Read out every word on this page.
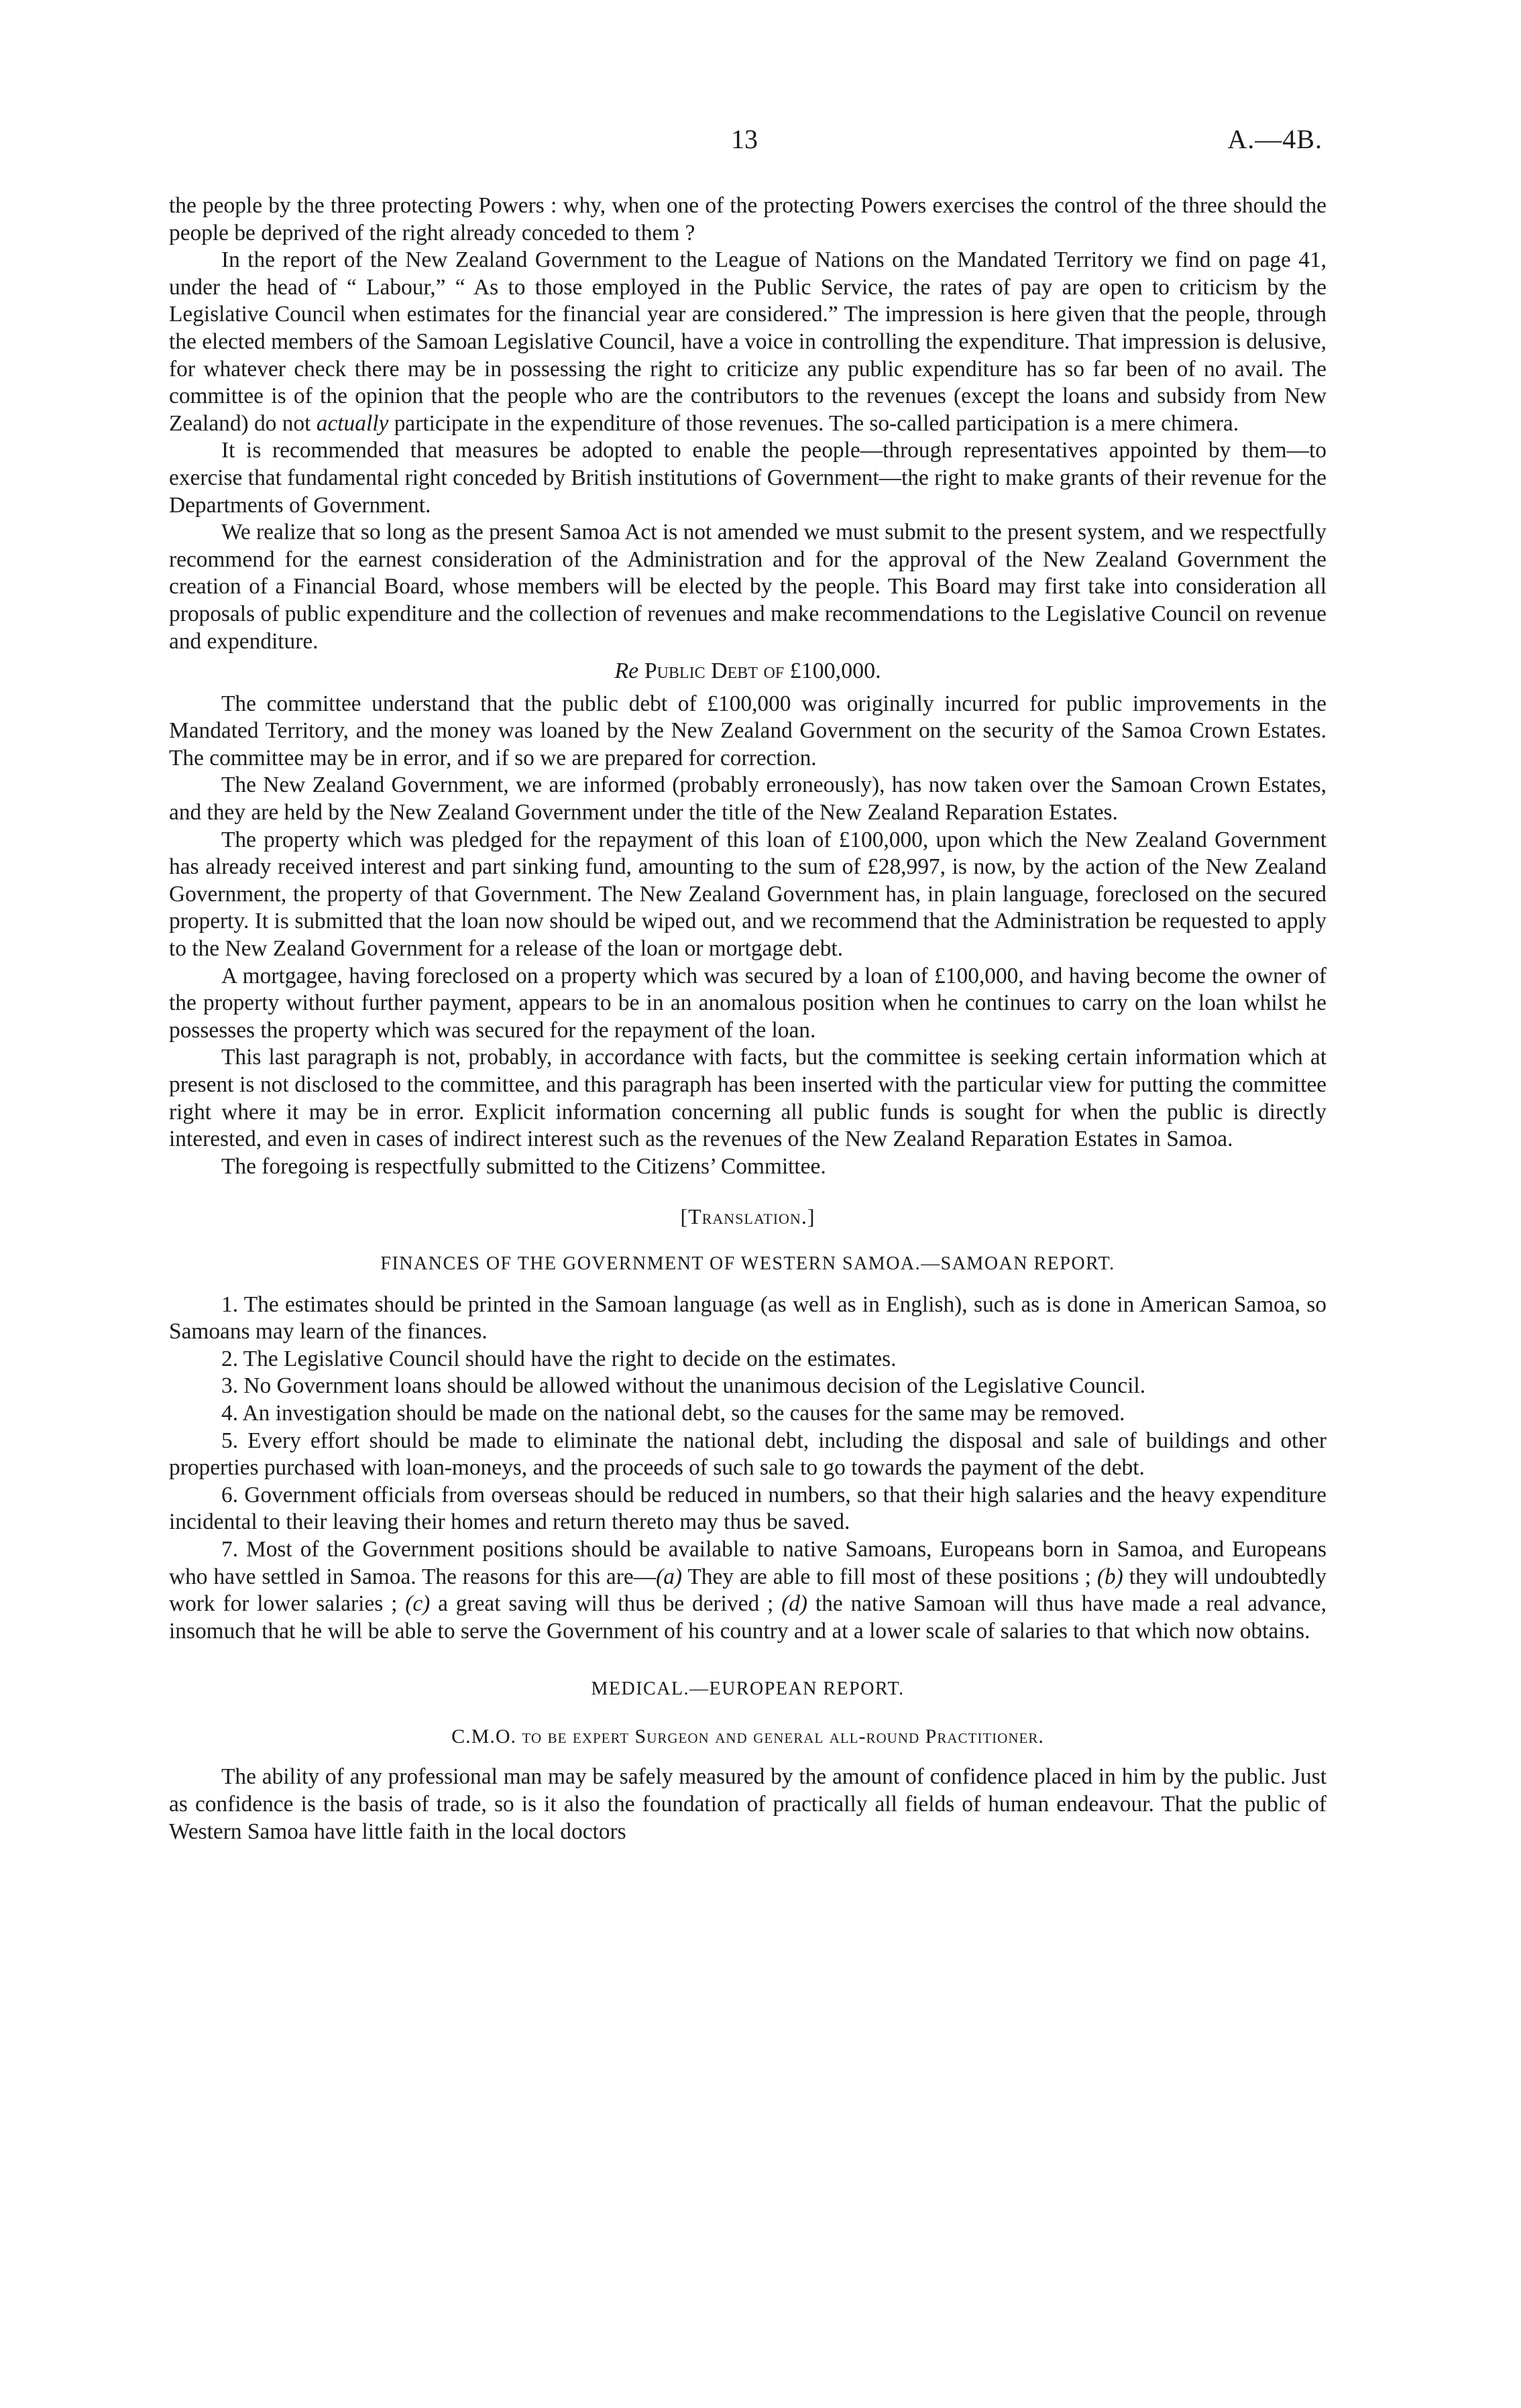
13	A.—4B.

the people by the three protecting Powers : why, when one of the protecting Powers exercises the control of the three should the people be deprived of the right already conceded to them ?

In the report of the New Zealand Government to the League of Nations on the Mandated Territory we find on page 41, under the head of “ Labour,” “ As to those employed in the Public Service, the rates of pay are open to criticism by the Legislative Council when estimates for the financial year are considered.” The impression is here given that the people, through the elected members of the Samoan Legislative Council, have a voice in controlling the expenditure. That impression is delusive, for whatever check there may be in possessing the right to criticize any public expenditure has so far been of no avail. The committee is of the opinion that the people who are the contributors to the revenues (except the loans and subsidy from New Zealand) do not actually participate in the expenditure of those revenues. The so-called participation is a mere chimera.

It is recommended that measures be adopted to enable the people—through representatives appointed by them—to exercise that fundamental right conceded by British institutions of Government—the right to make grants of their revenue for the Departments of Government.

We realize that so long as the present Samoa Act is not amended we must submit to the present system, and we respectfully recommend for the earnest consideration of the Administration and for the approval of the New Zealand Government the creation of a Financial Board, whose members will be elected by the people. This Board may first take into consideration all proposals of public expenditure and the collection of revenues and make recommendations to the Legislative Council on revenue and expenditure.

Re Public Debt of £100,000.

The committee understand that the public debt of £100,000 was originally incurred for public improvements in the Mandated Territory, and the money was loaned by the New Zealand Government on the security of the Samoa Crown Estates. The committee may be in error, and if so we are prepared for correction.

The New Zealand Government, we are informed (probably erroneously), has now taken over the Samoan Crown Estates, and they are held by the New Zealand Government under the title of the New Zealand Reparation Estates.

The property which was pledged for the repayment of this loan of £100,000, upon which the New Zealand Government has already received interest and part sinking fund, amounting to the sum of £28,997, is now, by the action of the New Zealand Government, the property of that Government. The New Zealand Government has, in plain language, foreclosed on the secured property. It is submitted that the loan now should be wiped out, and we recommend that the Administration be requested to apply to the New Zealand Government for a release of the loan or mortgage debt.

A mortgagee, having foreclosed on a property which was secured by a loan of £100,000, and having become the owner of the property without further payment, appears to be in an anomalous position when he continues to carry on the loan whilst he possesses the property which was secured for the repayment of the loan.

This last paragraph is not, probably, in accordance with facts, but the committee is seeking certain information which at present is not disclosed to the committee, and this paragraph has been inserted with the particular view for putting the committee right where it may be in error. Explicit information concerning all public funds is sought for when the public is directly interested, and even in cases of indirect interest such as the revenues of the New Zealand Reparation Estates in Samoa.

The foregoing is respectfully submitted to the Citizens’ Committee.

[Translation.]
FINANCES OF THE GOVERNMENT OF WESTERN SAMOA.—SAMOAN REPORT.

1. The estimates should be printed in the Samoan language (as well as in English), such as is done in American Samoa, so Samoans may learn of the finances.

2. The Legislative Council should have the right to decide on the estimates.

3. No Government loans should be allowed without the unanimous decision of the Legislative Council.

4. An investigation should be made on the national debt, so the causes for the same may be removed.

5. Every effort should be made to eliminate the national debt, including the disposal and sale of buildings and other properties purchased with loan-moneys, and the proceeds of such sale to go towards the payment of the debt.

6. Government officials from overseas should be reduced in numbers, so that their high salaries and the heavy expenditure incidental to their leaving their homes and return thereto may thus be saved.

7. Most of the Government positions should be available to native Samoans, Europeans born in Samoa, and Europeans who have settled in Samoa. The reasons for this are—(a) They are able to fill most of these positions ; (b) they will undoubtedly work for lower salaries ; (c) a great saving will thus be derived ; (d) the native Samoan will thus have made a real advance, insomuch that he will be able to serve the Government of his country and at a lower scale of salaries to that which now obtains.

MEDICAL.—EUROPEAN REPORT.
C.M.O. to be expert Surgeon and general all-round Practitioner.

The ability of any professional man may be safely measured by the amount of confidence placed in him by the public. Just as confidence is the basis of trade, so is it also the foundation of practically all fields of human endeavour. That the public of Western Samoa have little faith in the local doctors
